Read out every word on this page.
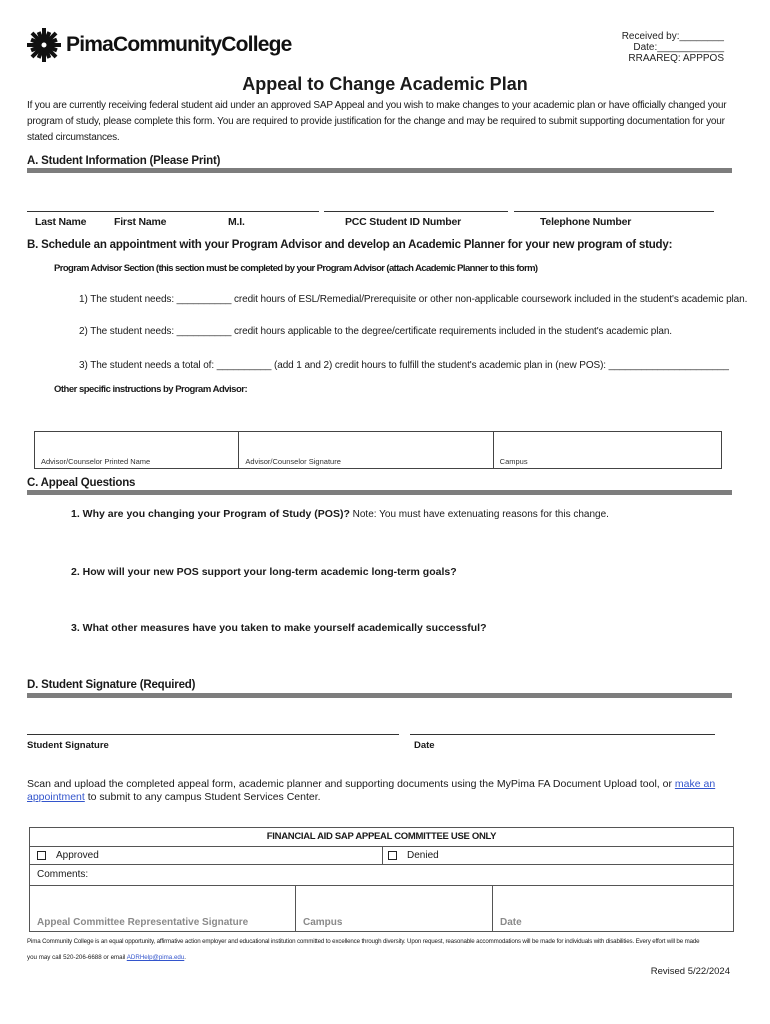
PimaCommunityCollege	Received by:________
Date:____________
RRAAREQ: APPPOS
Appeal to Change Academic Plan
If you are currently receiving federal student aid under an approved SAP Appeal and you wish to make changes to your academic plan or have officially changed your program of study, please complete this form. You are required to provide justification for the change and may be required to submit supporting documentation for your stated circumstances.
A. Student Information (Please Print)
Last Name	First Name	M.I.	PCC Student ID Number	Telephone Number
B. Schedule an appointment with your Program Advisor and develop an Academic Planner for your new program of study:
Program Advisor Section (this section must be completed by your Program Advisor (attach Academic Planner to this form)
1) The student needs: __________ credit hours of ESL/Remedial/Prerequisite or other non-applicable coursework included in the student's academic plan.
2) The student needs: __________ credit hours applicable to the degree/certificate requirements included in the student's academic plan.
3) The student needs a total of: __________ (add 1 and 2) credit hours to fulfill the student's academic plan in (new POS): ______________________
Other specific instructions by Program Advisor:
Advisor/Counselor Printed Name	Advisor/Counselor Signature	Campus
C. Appeal Questions
1. Why are you changing your Program of Study (POS)? Note: You must have extenuating reasons for this change.
2. How will your new POS support your long-term academic long-term goals?
3. What other measures have you taken to make yourself academically successful?
D. Student Signature (Required)
Student Signature	Date
Scan and upload the completed appeal form, academic planner and supporting documents using the MyPima FA Document Upload tool, or make an appointment to submit to any campus Student Services Center.
FINANCIAL AID SAP APPEAL COMMITTEE USE ONLY
Approved	Denied
Comments:
Appeal Committee Representative Signature	Campus	Date
Pima Community College is an equal opportunity, affirmative action employer and educational institution committed to excellence through diversity. Upon request, reasonable accommodations will be made for individuals with disabilities. Every effort will be made
you may call 520-206-6688 or email ADRHelp@pima.edu.
Revised 5/22/2024
